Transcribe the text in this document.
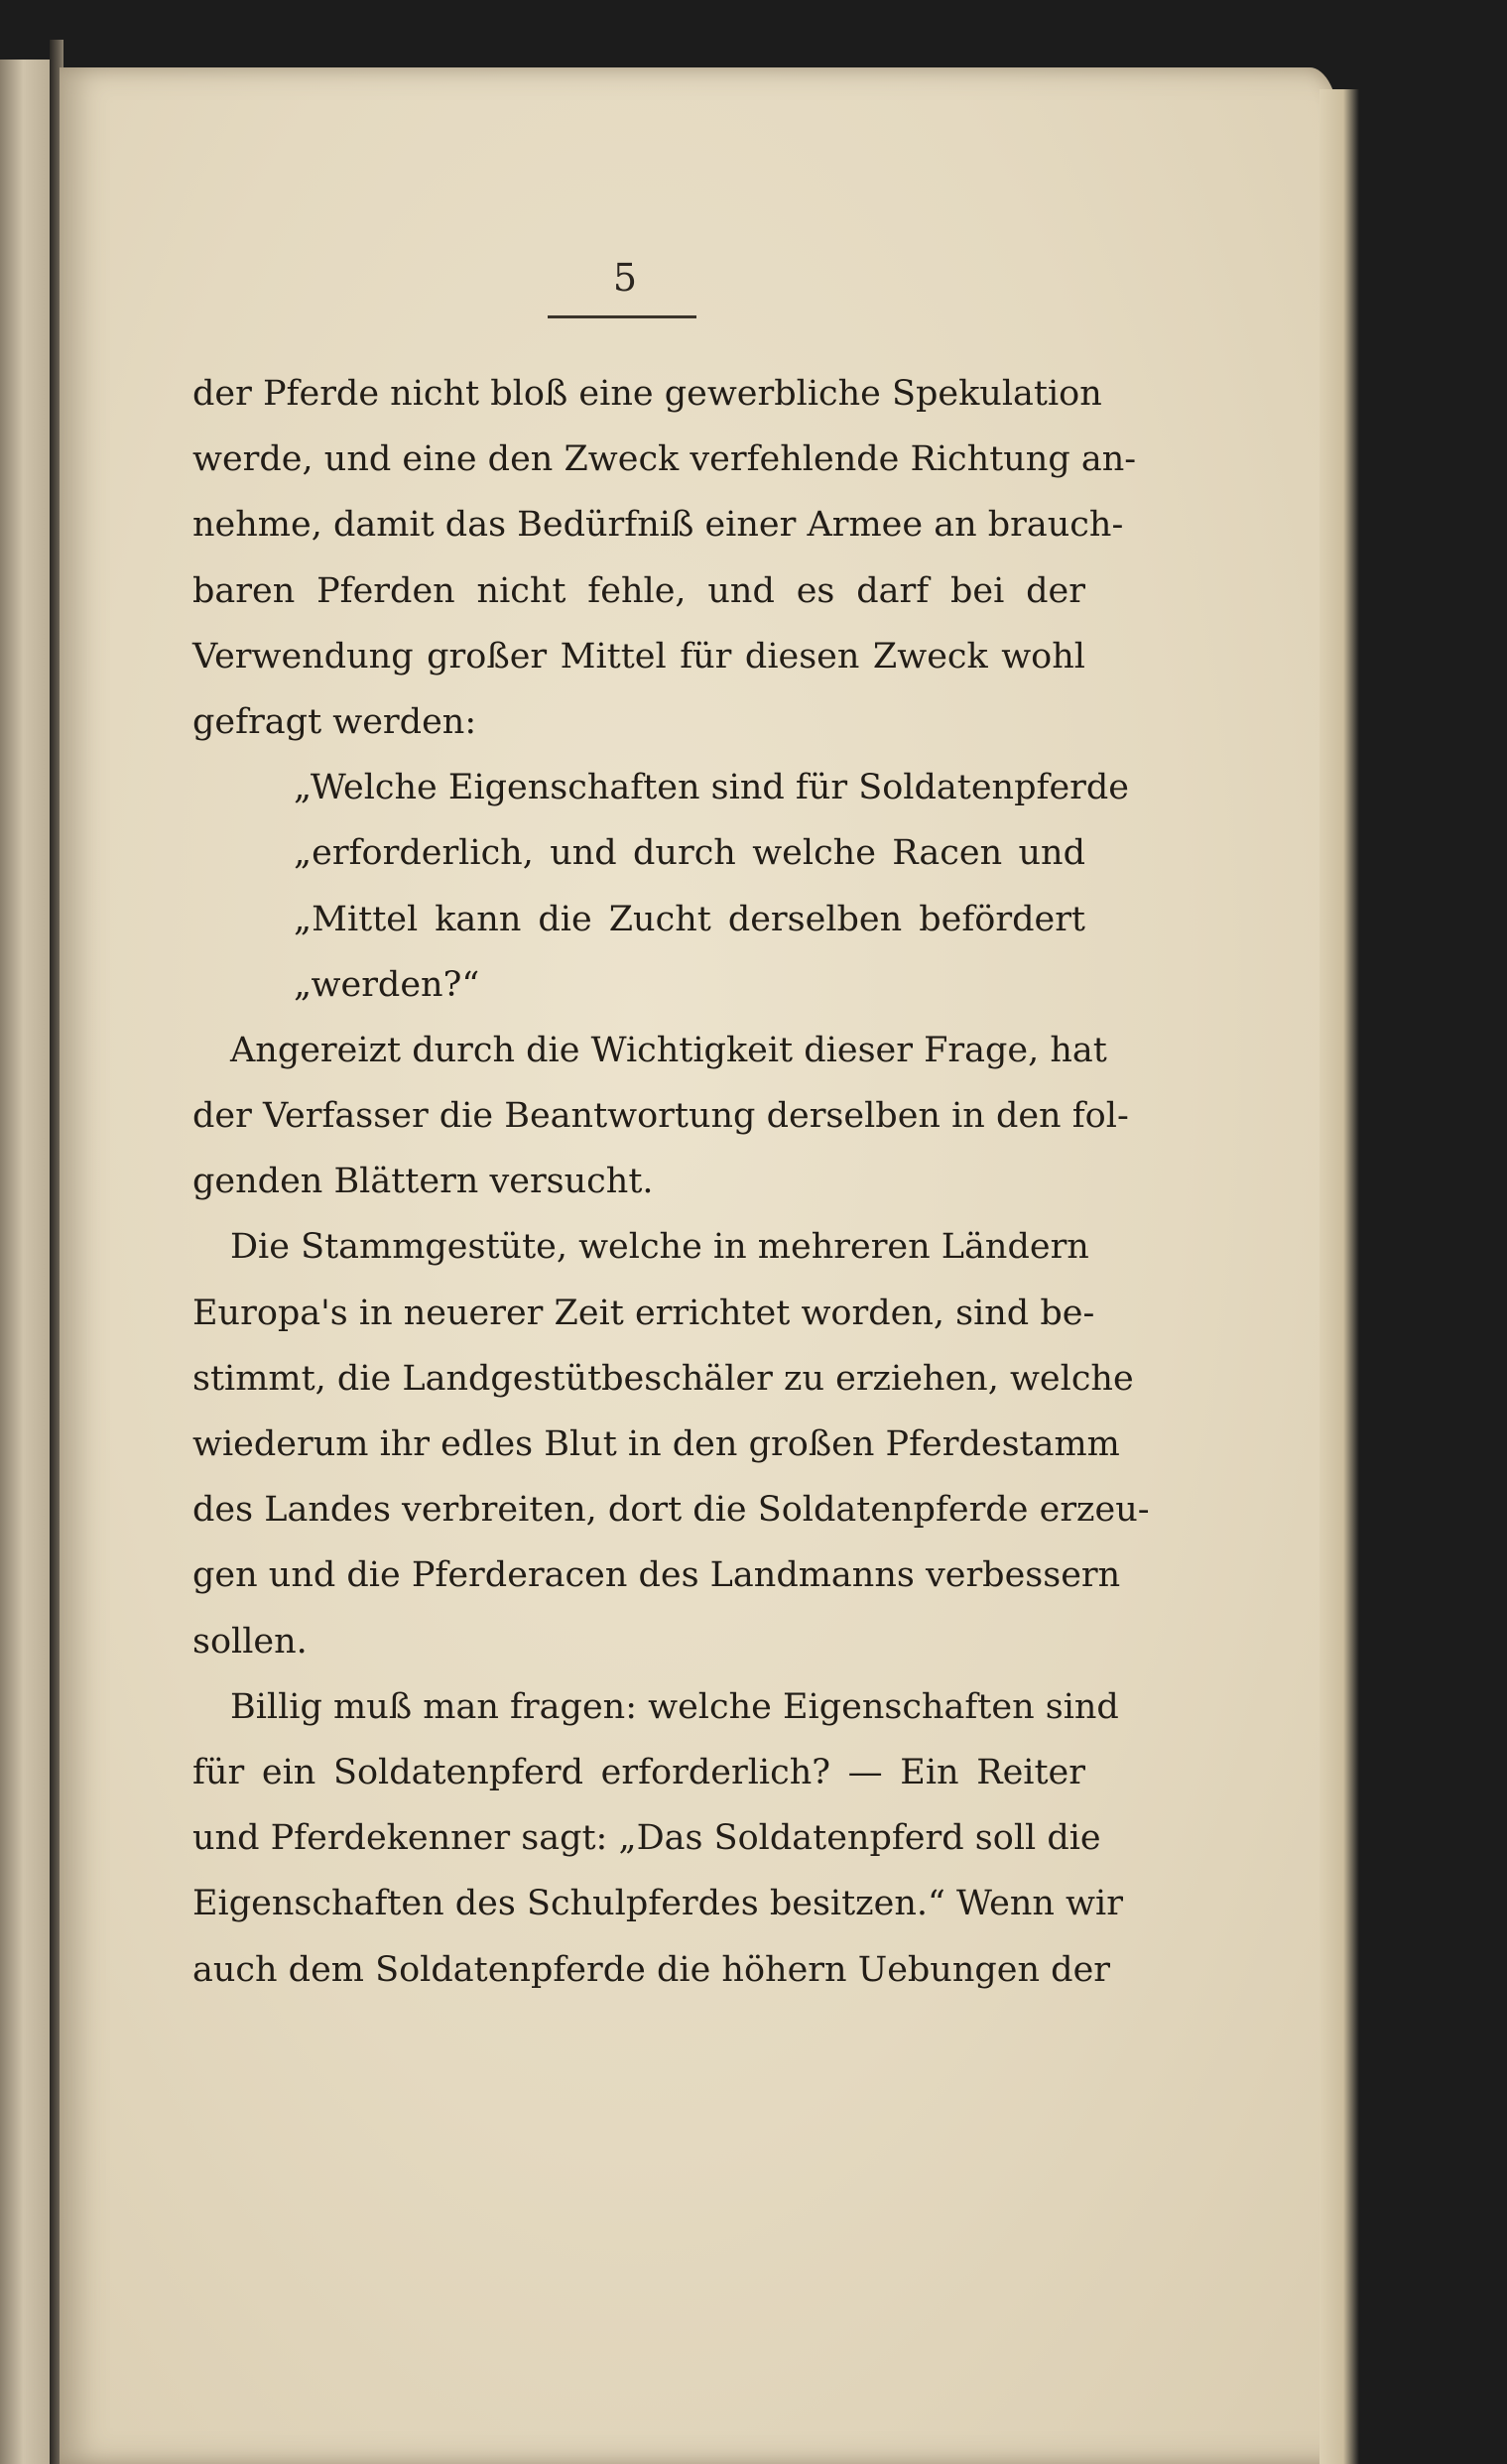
5
der Pferde nicht bloß eine gewerbliche Spekulation
werde, und eine den Zweck verfehlende Richtung an-
nehme, damit das Bedürfniß einer Armee an brauch-
baren Pferden nicht fehle, und es darf bei der
Verwendung großer Mittel für diesen Zweck wohl
gefragt werden:
„Welche Eigenschaften sind für Soldatenpferde
„erforderlich, und durch welche Racen und
„Mittel kann die Zucht derselben befördert
„werden?“
Angereizt durch die Wichtigkeit dieser Frage, hat
der Verfasser die Beantwortung derselben in den fol-
genden Blättern versucht.
Die Stammgestüte, welche in mehreren Ländern
Europa's in neuerer Zeit errichtet worden, sind be-
stimmt, die Landgestütbeschäler zu erziehen, welche
wiederum ihr edles Blut in den großen Pferdestamm
des Landes verbreiten, dort die Soldatenpferde erzeu-
gen und die Pferderacen des Landmanns verbessern
sollen.
Billig muß man fragen: welche Eigenschaften sind
für ein Soldatenpferd erforderlich? — Ein Reiter
und Pferdekenner sagt: „Das Soldatenpferd soll die
Eigenschaften des Schulpferdes besitzen.“ Wenn wir
auch dem Soldatenpferde die höhern Uebungen der
